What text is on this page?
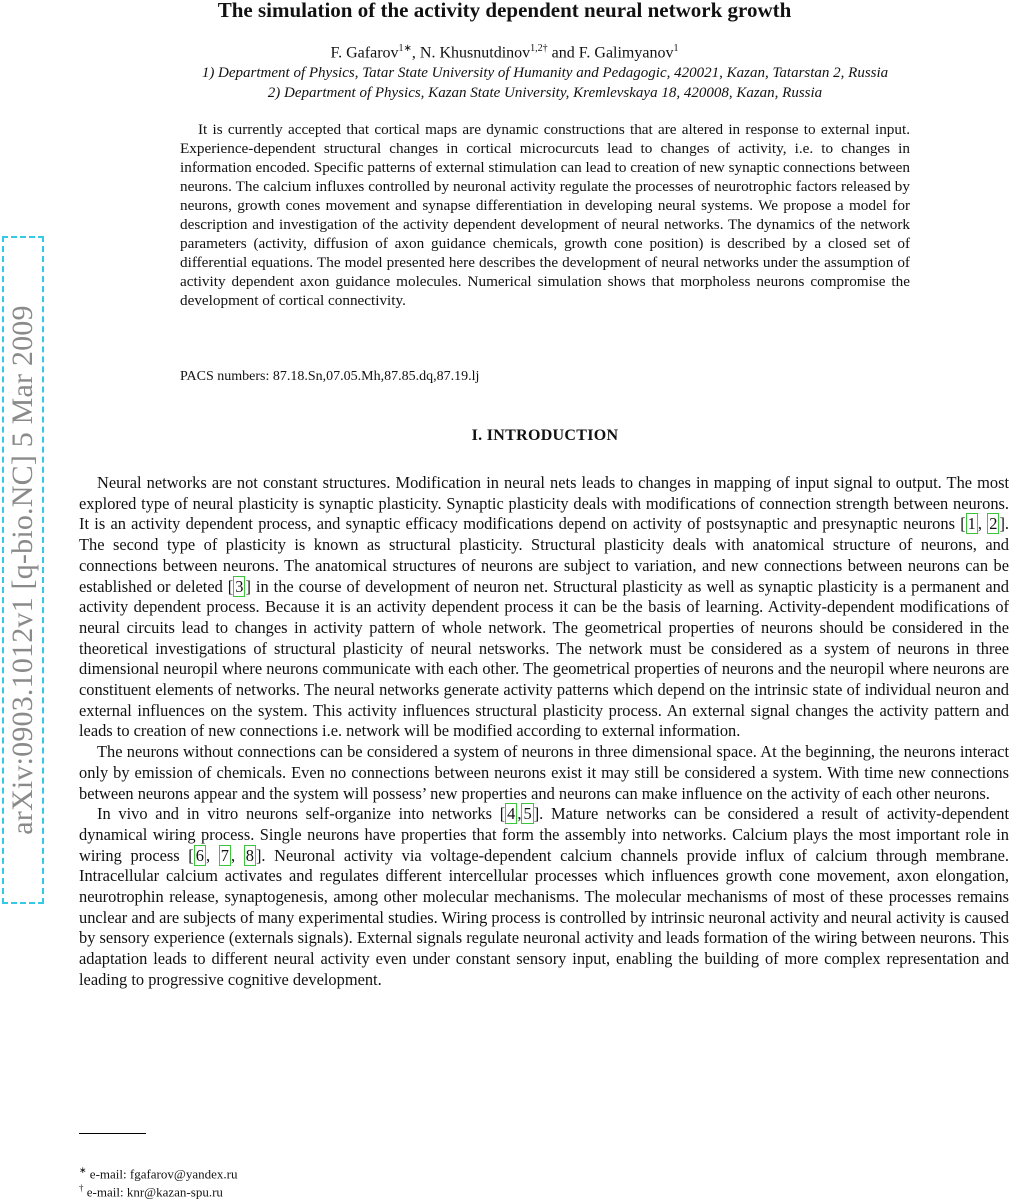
arXiv:0903.1012v1 [q-bio.NC] 5 Mar 2009
The simulation of the activity dependent neural network growth
F. Gafarov$^{1∗}$, N. Khusnutdinov$^{1,2\dagger}$ and F. Galimyanov$^1$
1) Department of Physics, Tatar State University of Humanity and Pedagogic, 420021, Kazan, Tatarstan 2, Russia
2) Department of Physics, Kazan State University, Kremlevskaya 18, 420008, Kazan, Russia

It is currently accepted that cortical maps are dynamic constructions that are altered in response to external input. Experience-dependent structural changes in cortical microcurcuts lead to changes of activity, i.e. to changes in information encoded. Specific patterns of external stimulation can lead to creation of new synaptic connections between neurons. The calcium influxes controlled by neuronal activity regulate the processes of neurotrophic factors released by neurons, growth cones movement and synapse differentiation in developing neural systems. We propose a model for description and investigation of the activity dependent development of neural networks. The dynamics of the network parameters (activity, diffusion of axon guidance chemicals, growth cone position) is described by a closed set of differential equations. The model presented here describes the development of neural networks under the assumption of activity dependent axon guidance molecules. Numerical simulation shows that morpholess neurons compromise the development of cortical connectivity.

PACS numbers: 87.18.Sn,07.05.Mh,87.85.dq,87.19.lj
I. INTRODUCTION

Neural networks are not constant structures. Modification in neural nets leads to changes in mapping of input signal to output. The most explored type of neural plasticity is synaptic plasticity. Synaptic plasticity deals with modifications of connection strength between neurons. It is an activity dependent process, and synaptic efficacy modifications depend on activity of postsynaptic and presynaptic neurons [ 1 , 2 ]. The second type of plasticity is known as structural plasticity. Structural plasticity deals with anatomical structure of neurons, and connections between neurons. The anatomical structures of neurons are subject to variation, and new connections between neurons can be established or deleted [ 3 ] in the course of development of neuron net. Structural plasticity as well as synaptic plasticity is a permanent and activity dependent process. Because it is an activity dependent process it can be the basis of learning. Activity-dependent modifications of neural circuits lead to changes in activity pattern of whole network. The geometrical properties of neurons should be considered in the theoretical investigations of structural plasticity of neural netsworks. The network must be considered as a system of neurons in three dimensional neuropil where neurons communicate with each other. The geometrical properties of neurons and the neuropil where neurons are constituent elements of networks. The neural networks generate activity patterns which depend on the intrinsic state of individual neuron and external influences on the system. This activity influences structural plasticity process. An external signal changes the activity pattern and leads to creation of new connections i.e. network will be modified according to external information.

The neurons without connections can be considered a system of neurons in three dimensional space. At the beginning, the neurons interact only by emission of chemicals. Even no connections between neurons exist it may still be considered a system. With time new connections between neurons appear and the system will possess’ new properties and neurons can make influence on the activity of each other neurons.

In vivo and in vitro neurons self-organize into networks [ 4 , 5 ]. Mature networks can be considered a result of activity-dependent dynamical wiring process. Single neurons have properties that form the assembly into networks. Calcium plays the most important role in wiring process [ 6 , 7 , 8 ]. Neuronal activity via voltage-dependent calcium channels provide influx of calcium through membrane. Intracellular calcium activates and regulates different intercellular processes which influences growth cone movement, axon elongation, neurotrophin release, synaptogenesis, among other molecular mechanisms. The molecular mechanisms of most of these processes remains unclear and are subjects of many experimental studies. Wiring process is controlled by intrinsic neuronal activity and neural activity is caused by sensory experience (externals signals). External signals regulate neuronal activity and leads formation of the wiring between neurons. This adaptation leads to different neural activity even under constant sensory input, enabling the building of more complex representation and leading to progressive cognitive development.

∗ e-mail: fgafarov@yandex.ru
† e-mail: knr@kazan-spu.ru
